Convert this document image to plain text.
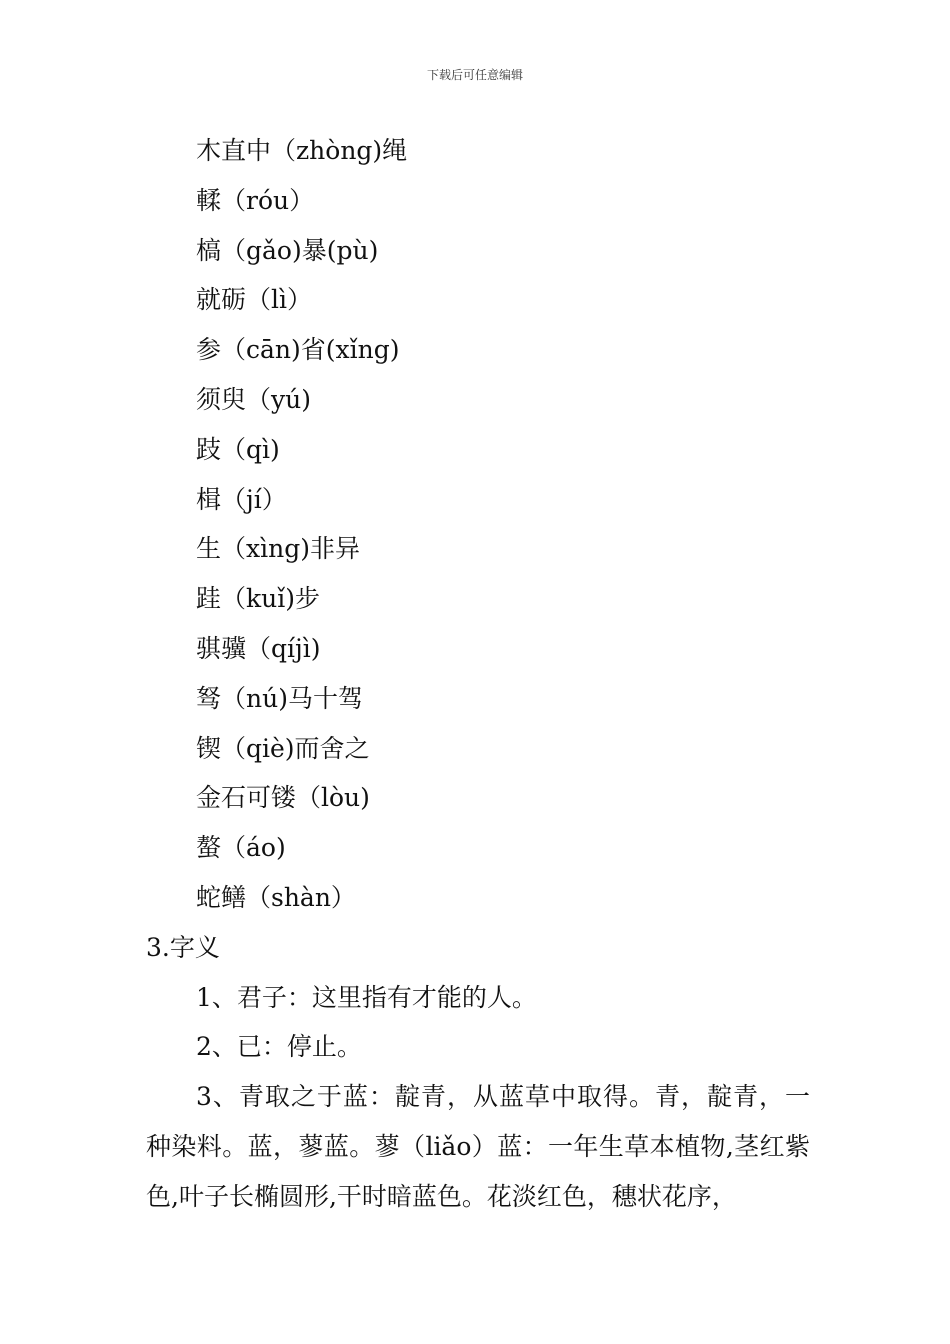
下载后可任意编辑
木直中（zhòng)绳
輮（róu）
槁（gǎo)暴(pù)
就砺（lì）
参（cān)省(xǐng)
须臾（yú)
跂（qì)
楫（jí）
生（xìng)非异
跬（kuǐ)步
骐骥（qíjì)
驽（nú)马十驾
锲（qiè)而舍之
金石可镂（lòu)
螯（áo)
蛇鳝（shàn）
3.字义

1、君子：这里指有才能的人。

2、已：停止。

3、青取之于蓝：靛青，从蓝草中取得。青，靛青，一种染料。蓝，蓼蓝。蓼（liǎo）蓝：一年生草本植物,茎红紫色,叶子长椭圆形,干时暗蓝色。花淡红色，穗状花序，
